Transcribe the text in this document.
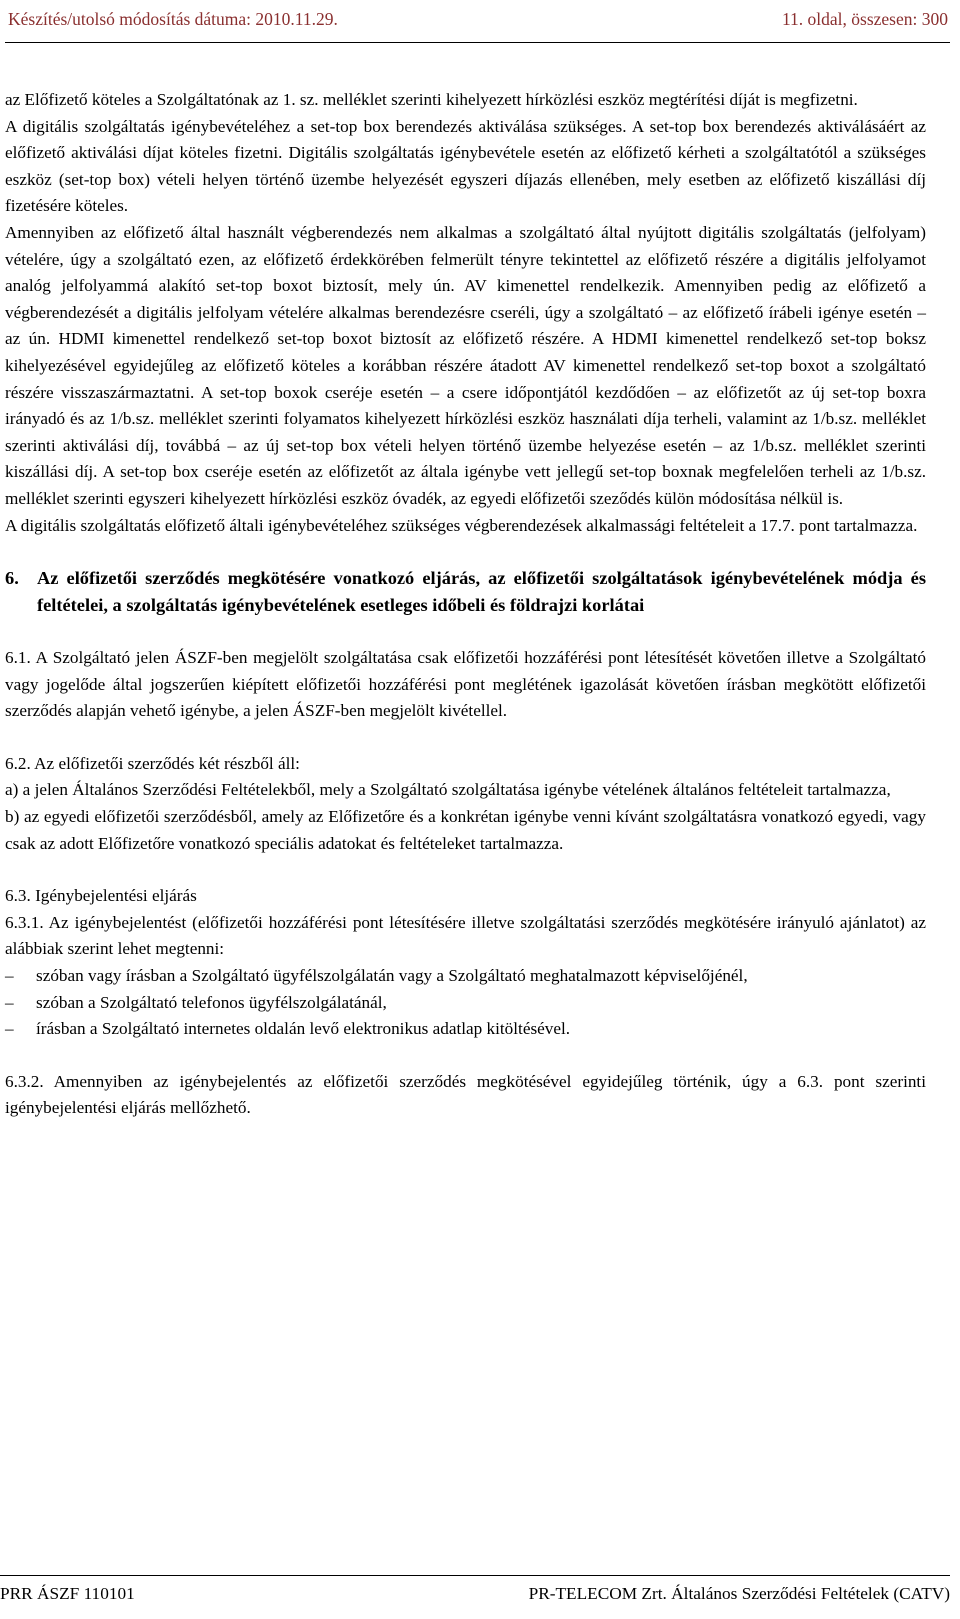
Készítés/utolsó módosítás dátuma: 2010.11.29.	11. oldal, összesen: 300

az Előfizető köteles a Szolgáltatónak az 1. sz. melléklet szerinti kihelyezett hírközlési eszköz megtérítési díját is megfizetni.

A digitális szolgáltatás igénybevételéhez a set-top box berendezés aktiválása szükséges. A set-top box berendezés aktiválásáért az előfizető aktiválási díjat köteles fizetni. Digitális szolgáltatás igénybevétele esetén az előfizető kérheti a szolgáltatótól a szükséges eszköz (set-top box) vételi helyen történő üzembe helyezését egyszeri díjazás ellenében, mely esetben az előfizető kiszállási díj fizetésére köteles.

Amennyiben az előfizető által használt végberendezés nem alkalmas a szolgáltató által nyújtott digitális szolgáltatás (jelfolyam) vételére, úgy a szolgáltató ezen, az előfizető érdekkörében felmerült tényre tekintettel az előfizető részére a digitális jelfolyamot analóg jelfolyammá alakító set-top boxot biztosít, mely ún. AV kimenettel rendelkezik. Amennyiben pedig az előfizető a végberendezését a digitális jelfolyam vételére alkalmas berendezésre cseréli, úgy a szolgáltató – az előfizető írábeli igénye esetén – az ún. HDMI kimenettel rendelkező set-top boxot biztosít az előfizető részére. A HDMI kimenettel rendelkező set-top boksz kihelyezésével egyidejűleg az előfizető köteles a korábban részére átadott AV kimenettel rendelkező set-top boxot a szolgáltató részére visszaszármaztatni. A set-top boxok cseréje esetén – a csere időpontjától kezdődően – az előfizetőt az új set-top boxra irányadó és az 1/b.sz. melléklet szerinti folyamatos kihelyezett hírközlési eszköz használati díja terheli, valamint az 1/b.sz. melléklet szerinti aktiválási díj, továbbá – az új set-top box vételi helyen történő üzembe helyezése esetén – az 1/b.sz. melléklet szerinti kiszállási díj. A set-top box cseréje esetén az előfizetőt az általa igénybe vett jellegű set-top boxnak megfelelően terheli az 1/b.sz. melléklet szerinti egyszeri kihelyezett hírközlési eszköz óvadék, az egyedi előfizetői szeződés külön módosítása nélkül is.

A digitális szolgáltatás előfizető általi igénybevételéhez szükséges végberendezések alkalmassági feltételeit a 17.7. pont tartalmazza.

6. Az előfizetői szerződés megkötésére vonatkozó eljárás, az előfizetői szolgáltatások igénybevételének módja és feltételei, a szolgáltatás igénybevételének esetleges időbeli és földrajzi korlátai

6.1. A Szolgáltató jelen ÁSZF-ben megjelölt szolgáltatása csak előfizetői hozzáférési pont létesítését követően illetve a Szolgáltató vagy jogelőde által jogszerűen kiépített előfizetői hozzáférési pont meglétének igazolását követően írásban megkötött előfizetői szerződés alapján vehető igénybe, a jelen ÁSZF-ben megjelölt kivétellel.

6.2. Az előfizetői szerződés két részből áll:

a) a jelen Általános Szerződési Feltételekből, mely a Szolgáltató szolgáltatása igénybe vételének általános feltételeit tartalmazza,

b) az egyedi előfizetői szerződésből, amely az Előfizetőre és a konkrétan igénybe venni kívánt szolgáltatásra vonatkozó egyedi, vagy csak az adott Előfizetőre vonatkozó speciális adatokat és feltételeket tartalmazza.

6.3. Igénybejelentési eljárás

6.3.1. Az igénybejelentést (előfizetői hozzáférési pont létesítésére illetve szolgáltatási szerződés megkötésére irányuló ajánlatot) az alábbiak szerint lehet megtenni:

–	szóban vagy írásban a Szolgáltató ügyfélszolgálatán vagy a Szolgáltató meghatalmazott képviselőjénél,
–	szóban a Szolgáltató telefonos ügyfélszolgálatánál,
–	írásban a Szolgáltató internetes oldalán levő elektronikus adatlap kitöltésével.

6.3.2. Amennyiben az igénybejelentés az előfizetői szerződés megkötésével egyidejűleg történik, úgy a 6.3. pont szerinti igénybejelentési eljárás mellőzhető.

PRR ÁSZF 110101	PR-TELECOM Zrt. Általános Szerződési Feltételek (CATV)
